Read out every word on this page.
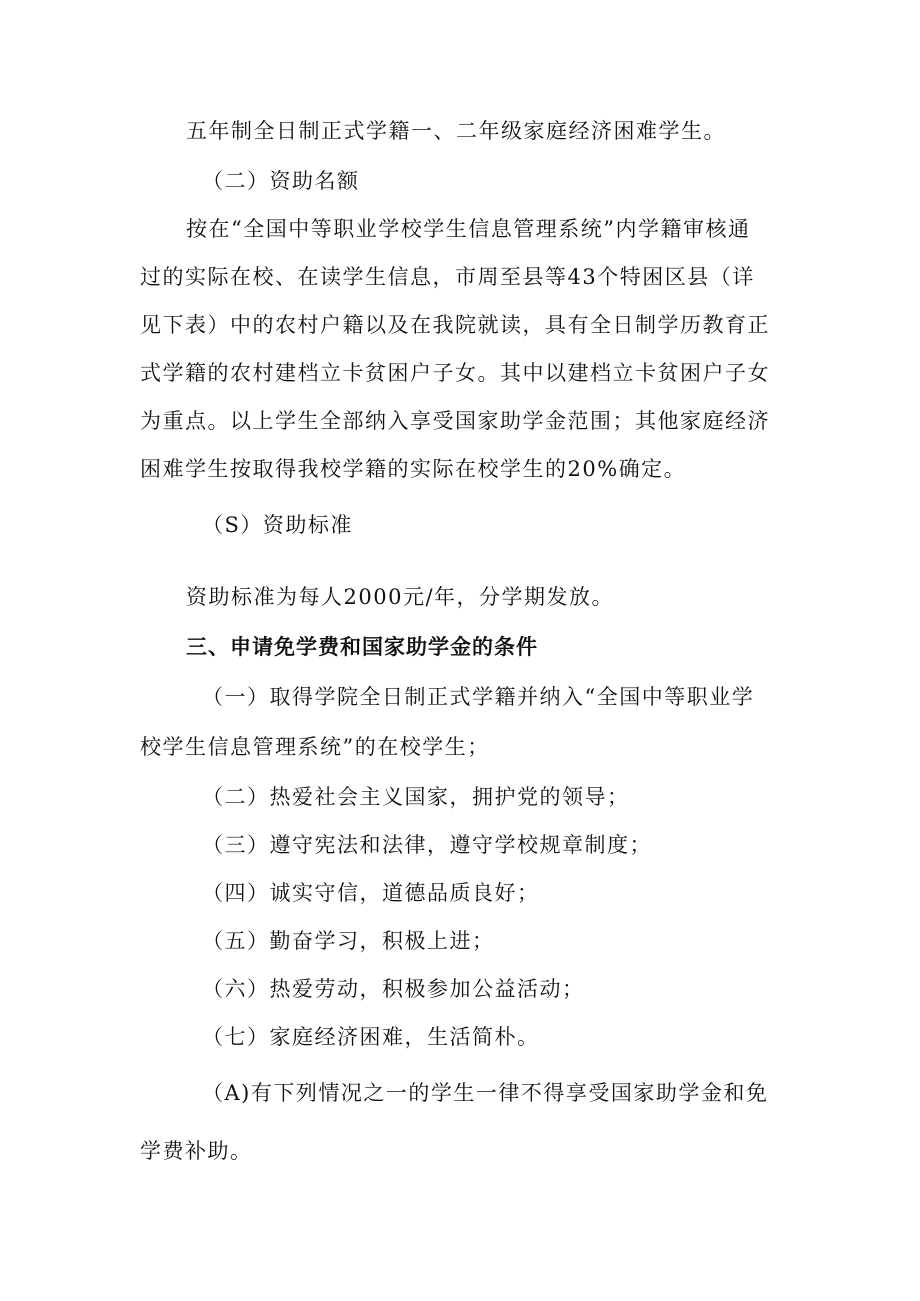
五年制全日制正式学籍一、二年级家庭经济困难学生。

（二）资助名额

按在“全国中等职业学校学生信息管理系统”内学籍审核通

过的实际在校、在读学生信息，市周至县等43个特困区县（详

见下表）中的农村户籍以及在我院就读，具有全日制学历教育正

式学籍的农村建档立卡贫困户子女。其中以建档立卡贫困户子女

为重点。以上学生全部纳入享受国家助学金范围；其他家庭经济

困难学生按取得我校学籍的实际在校学生的20%确定。

（S）资助标准

资助标准为每人2000元/年，分学期发放。

三、申请免学费和国家助学金的条件

（一）取得学院全日制正式学籍并纳入“全国中等职业学

校学生信息管理系统”的在校学生；

（二）热爱社会主义国家，拥护党的领导；

（三）遵守宪法和法律，遵守学校规章制度；

（四）诚实守信，道德品质良好；

（五）勤奋学习，积极上进；

（六）热爱劳动，积极参加公益活动；

（七）家庭经济困难，生活简朴。

（A)有下列情况之一的学生一律不得享受国家助学金和免

学费补助。
